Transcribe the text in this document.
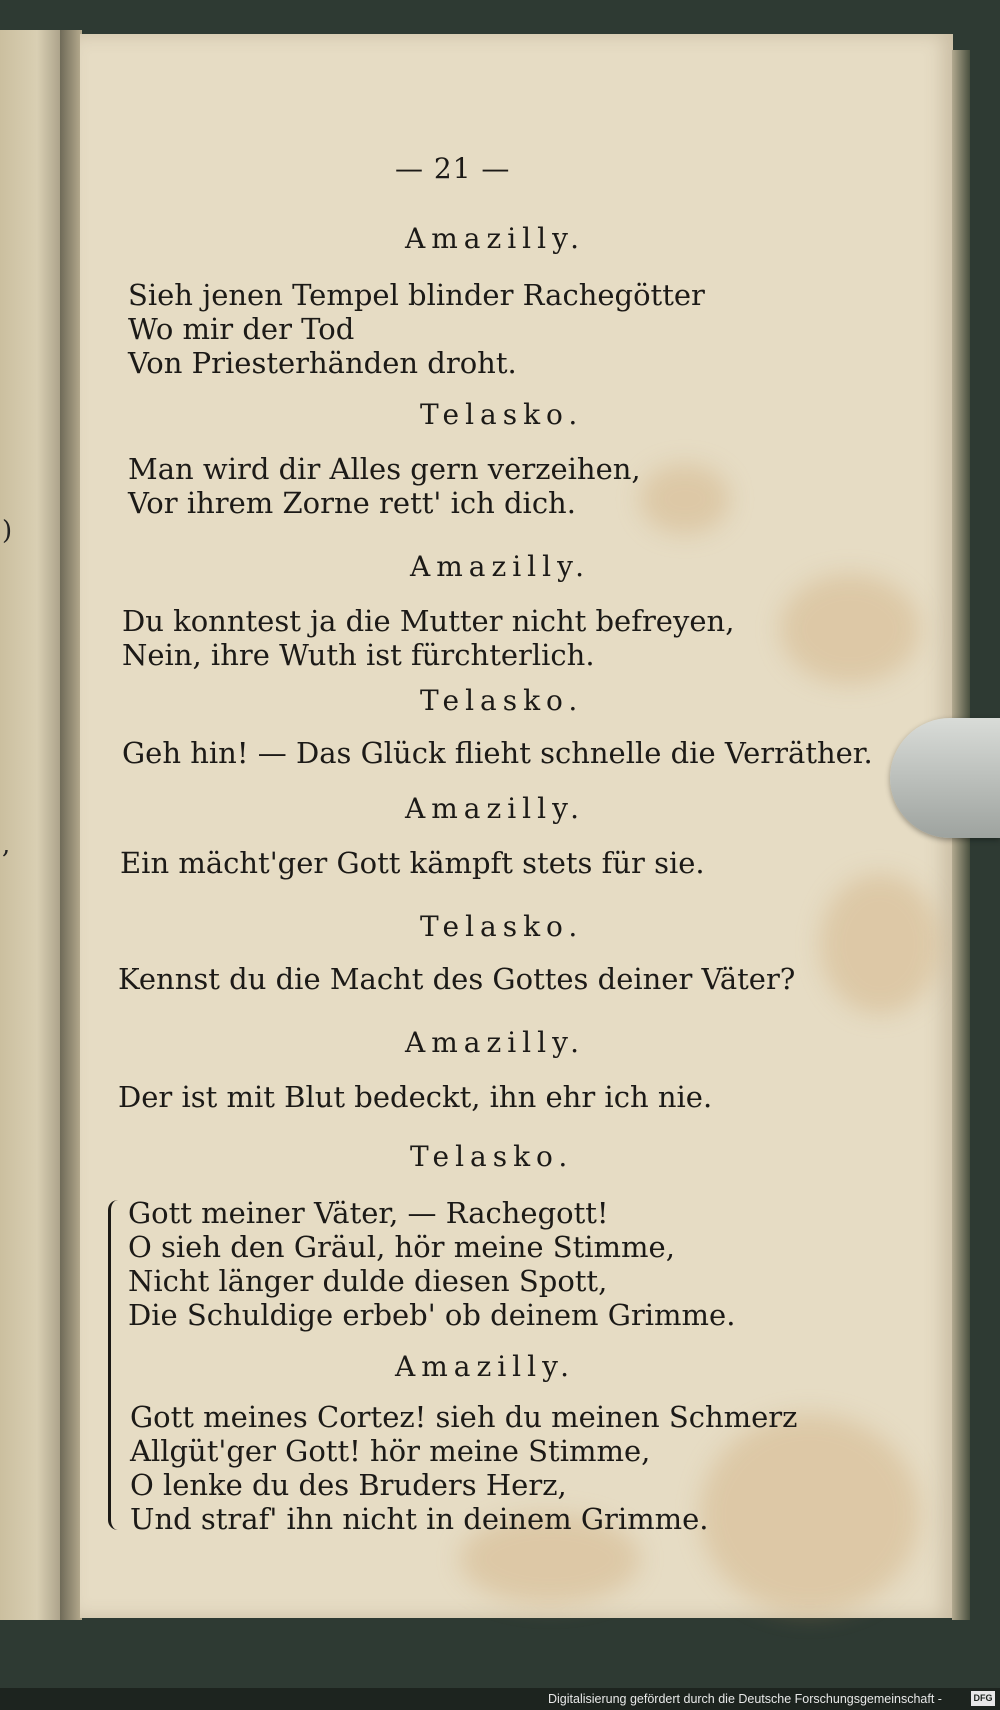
)
,
— 21 —
Amazilly.
Sieh jenen Tempel blinder Rachegötter
Wo mir der Tod
Von Priesterhänden droht.
Telasko.
Man wird dir Alles gern verzeihen,
Vor ihrem Zorne rett' ich dich.
Amazilly.
Du konntest ja die Mutter nicht befreyen,
Nein, ihre Wuth ist fürchterlich.
Telasko.
Geh hin! — Das Glück flieht schnelle die Verräther.
Amazilly.
Ein mächt'ger Gott kämpft stets für sie.
Telasko.
Kennst du die Macht des Gottes deiner Väter?
Amazilly.
Der ist mit Blut bedeckt, ihn ehr ich nie.
Telasko.
Gott meiner Väter, — Rachegott!
O sieh den Gräul, hör meine Stimme,
Nicht länger dulde diesen Spott,
Die Schuldige erbeb' ob deinem Grimme.
Amazilly.
Gott meines Cortez! sieh du meinen Schmerz
Allgüt'ger Gott! hör meine Stimme,
O lenke du des Bruders Herz,
Und straf' ihn nicht in deinem Grimme.
Digitalisierung gefördert durch die Deutsche Forschungsgemeinschaft -	DFG
